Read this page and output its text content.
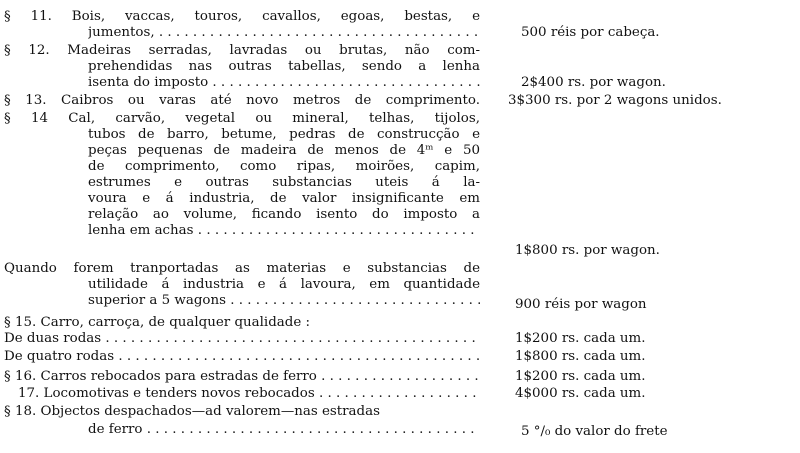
§ 11. Bois, vaccas, touros, cavallos, egoas, bestas, e
jumentos, . . .	500 réis por cabeça.
§ 12. Madeiras serradas, lavradas ou brutas, não com-
prehendidas nas outras tabellas, sendo a lenha
isenta do imposto . . .	2$400 rs. por wagon.
§ 13. Caibros ou varas até novo metros de comprimento. 3$300 rs. por 2 wagons unidos.
§ 14 Cal, carvão, vegetal ou mineral, telhas, tijolos,
tubos de barro, betume, pedras de construcção e
peças pequenas de madeira de menos de 4ᵐ e 50
de comprimento, como ripas, moirões, capim,
estrumes e outras substancias uteis á la-
voura e á industria, de valor insignificante em
relação ao volume, ficando isento do imposto a
lenha em achas . . .
1$800 rs. por wagon.
Quando forem tranportadas as materias e substancias de
utilidade á industria e á lavoura, em quantidade
superior a 5 wagons . . .	900 réis por wagon
§ 15. Carro, carroça, de qualquer qualidade :
De duas rodas . . .	1$200 rs. cada um.
De quatro rodas . . .	1$800 rs. cada um.
§ 16. Carros rebocados para estradas de ferro . . .	1$200 rs. cada um.
17. Locomotivas e tenders novos rebocados . . .	4$000 rs. cada um.
§ 18. Objectos despachados—ad valorem—nas estradas
de ferro . . .	5 °/₀ do valor do frete
